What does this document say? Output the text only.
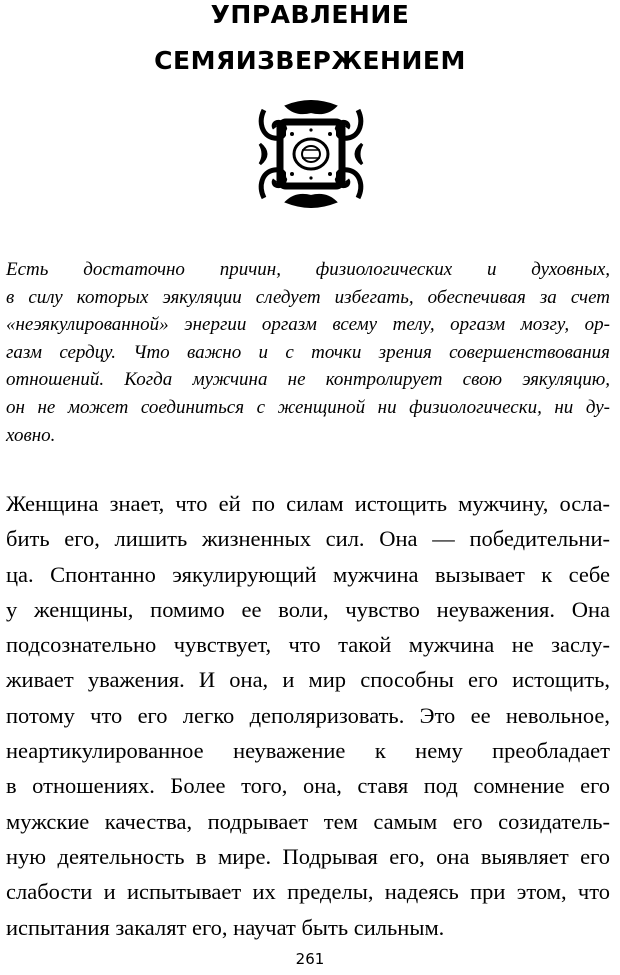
УПРАВЛЕНИЕ
СЕМЯИЗВЕРЖЕНИЕМ
Есть достаточно причин, физиологических и духовных,
в силу которых эякуляции следует избегать, обеспечивая за счет
«неэякулированной» энергии оргазм всему телу, оргазм мозгу, ор-
газм сердцу. Что важно и с точки зрения совершенствования
отношений. Когда мужчина не контролирует свою эякуляцию,
он не может соединиться с женщиной ни физиологически, ни ду-
ховно.
Женщина знает, что ей по силам истощить мужчину, осла-
бить его, лишить жизненных сил. Она — победительни-
ца. Спонтанно эякулирующий мужчина вызывает к себе
у женщины, помимо ее воли, чувство неуважения. Она
подсознательно чувствует, что такой мужчина не заслу-
живает уважения. И она, и мир способны его истощить,
потому что его легко деполяризовать. Это ее невольное,
неартикулированное неуважение к нему преобладает
в отношениях. Более того, она, ставя под сомнение его
мужские качества, подрывает тем самым его созидатель-
ную деятельность в мире. Подрывая его, она выявляет его
слабости и испытывает их пределы, надеясь при этом, что
испытания закалят его, научат быть сильным.
261
